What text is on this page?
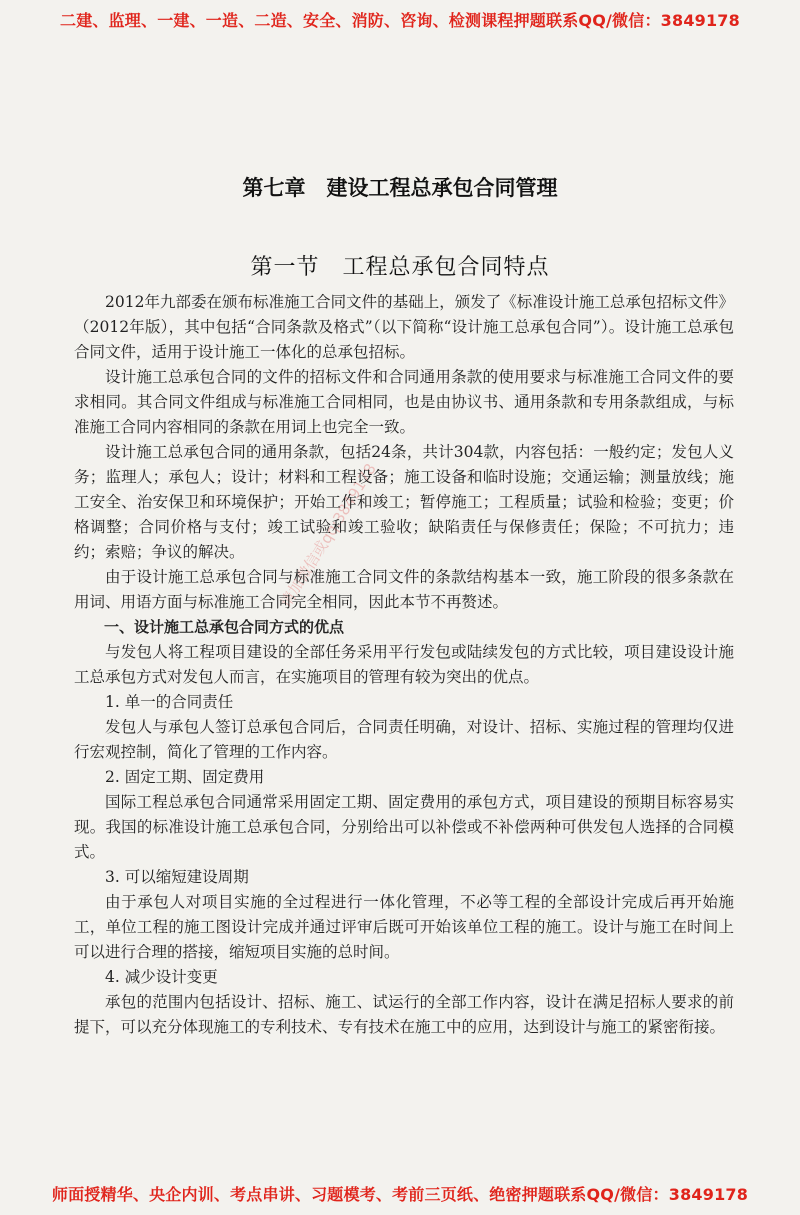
二建、监理、一建、一造、二造、安全、消防、咨询、检测课程押题联系QQ/微信：3849178
第七章　建设工程总承包合同管理
第一节　工程总承包合同特点
请加微信或qq:3849178

2012年九部委在颁布标准施工合同文件的基础上，颁发了《标准设计施工总承包招标文件》（2012年版），其中包括“合同条款及格式”（以下简称“设计施工总承包合同”）。设计施工总承包合同文件，适用于设计施工一体化的总承包招标。

设计施工总承包合同的文件的招标文件和合同通用条款的使用要求与标准施工合同文件的要求相同。其合同文件组成与标准施工合同相同，也是由协议书、通用条款和专用条款组成，与标准施工合同内容相同的条款在用词上也完全一致。

设计施工总承包合同的通用条款，包括24条，共计304款，内容包括：一般约定；发包人义务；监理人；承包人；设计；材料和工程设备；施工设备和临时设施；交通运输；测量放线；施工安全、治安保卫和环境保护；开始工作和竣工；暂停施工；工程质量；试验和检验；变更；价格调整；合同价格与支付；竣工试验和竣工验收；缺陷责任与保修责任；保险；不可抗力；违约；索赔；争议的解决。

由于设计施工总承包合同与标准施工合同文件的条款结构基本一致，施工阶段的很多条款在用词、用语方面与标准施工合同完全相同，因此本节不再赘述。

一、设计施工总承包合同方式的优点

与发包人将工程项目建设的全部任务采用平行发包或陆续发包的方式比较，项目建设设计施工总承包方式对发包人而言，在实施项目的管理有较为突出的优点。

1. 单一的合同责任

发包人与承包人签订总承包合同后，合同责任明确，对设计、招标、实施过程的管理均仅进行宏观控制，简化了管理的工作内容。

2. 固定工期、固定费用

国际工程总承包合同通常采用固定工期、固定费用的承包方式，项目建设的预期目标容易实现。我国的标准设计施工总承包合同，分别给出可以补偿或不补偿两种可供发包人选择的合同模式。

3. 可以缩短建设周期

由于承包人对项目实施的全过程进行一体化管理，不必等工程的全部设计完成后再开始施工，单位工程的施工图设计完成并通过评审后既可开始该单位工程的施工。设计与施工在时间上可以进行合理的搭接，缩短项目实施的总时间。

4. 减少设计变更

承包的范围内包括设计、招标、施工、试运行的全部工作内容，设计在满足招标人要求的前提下，可以充分体现施工的专利技术、专有技术在施工中的应用，达到设计与施工的紧密衔接。

师面授精华、央企内训、考点串讲、习题模考、考前三页纸、绝密押题联系QQ/微信：3849178
